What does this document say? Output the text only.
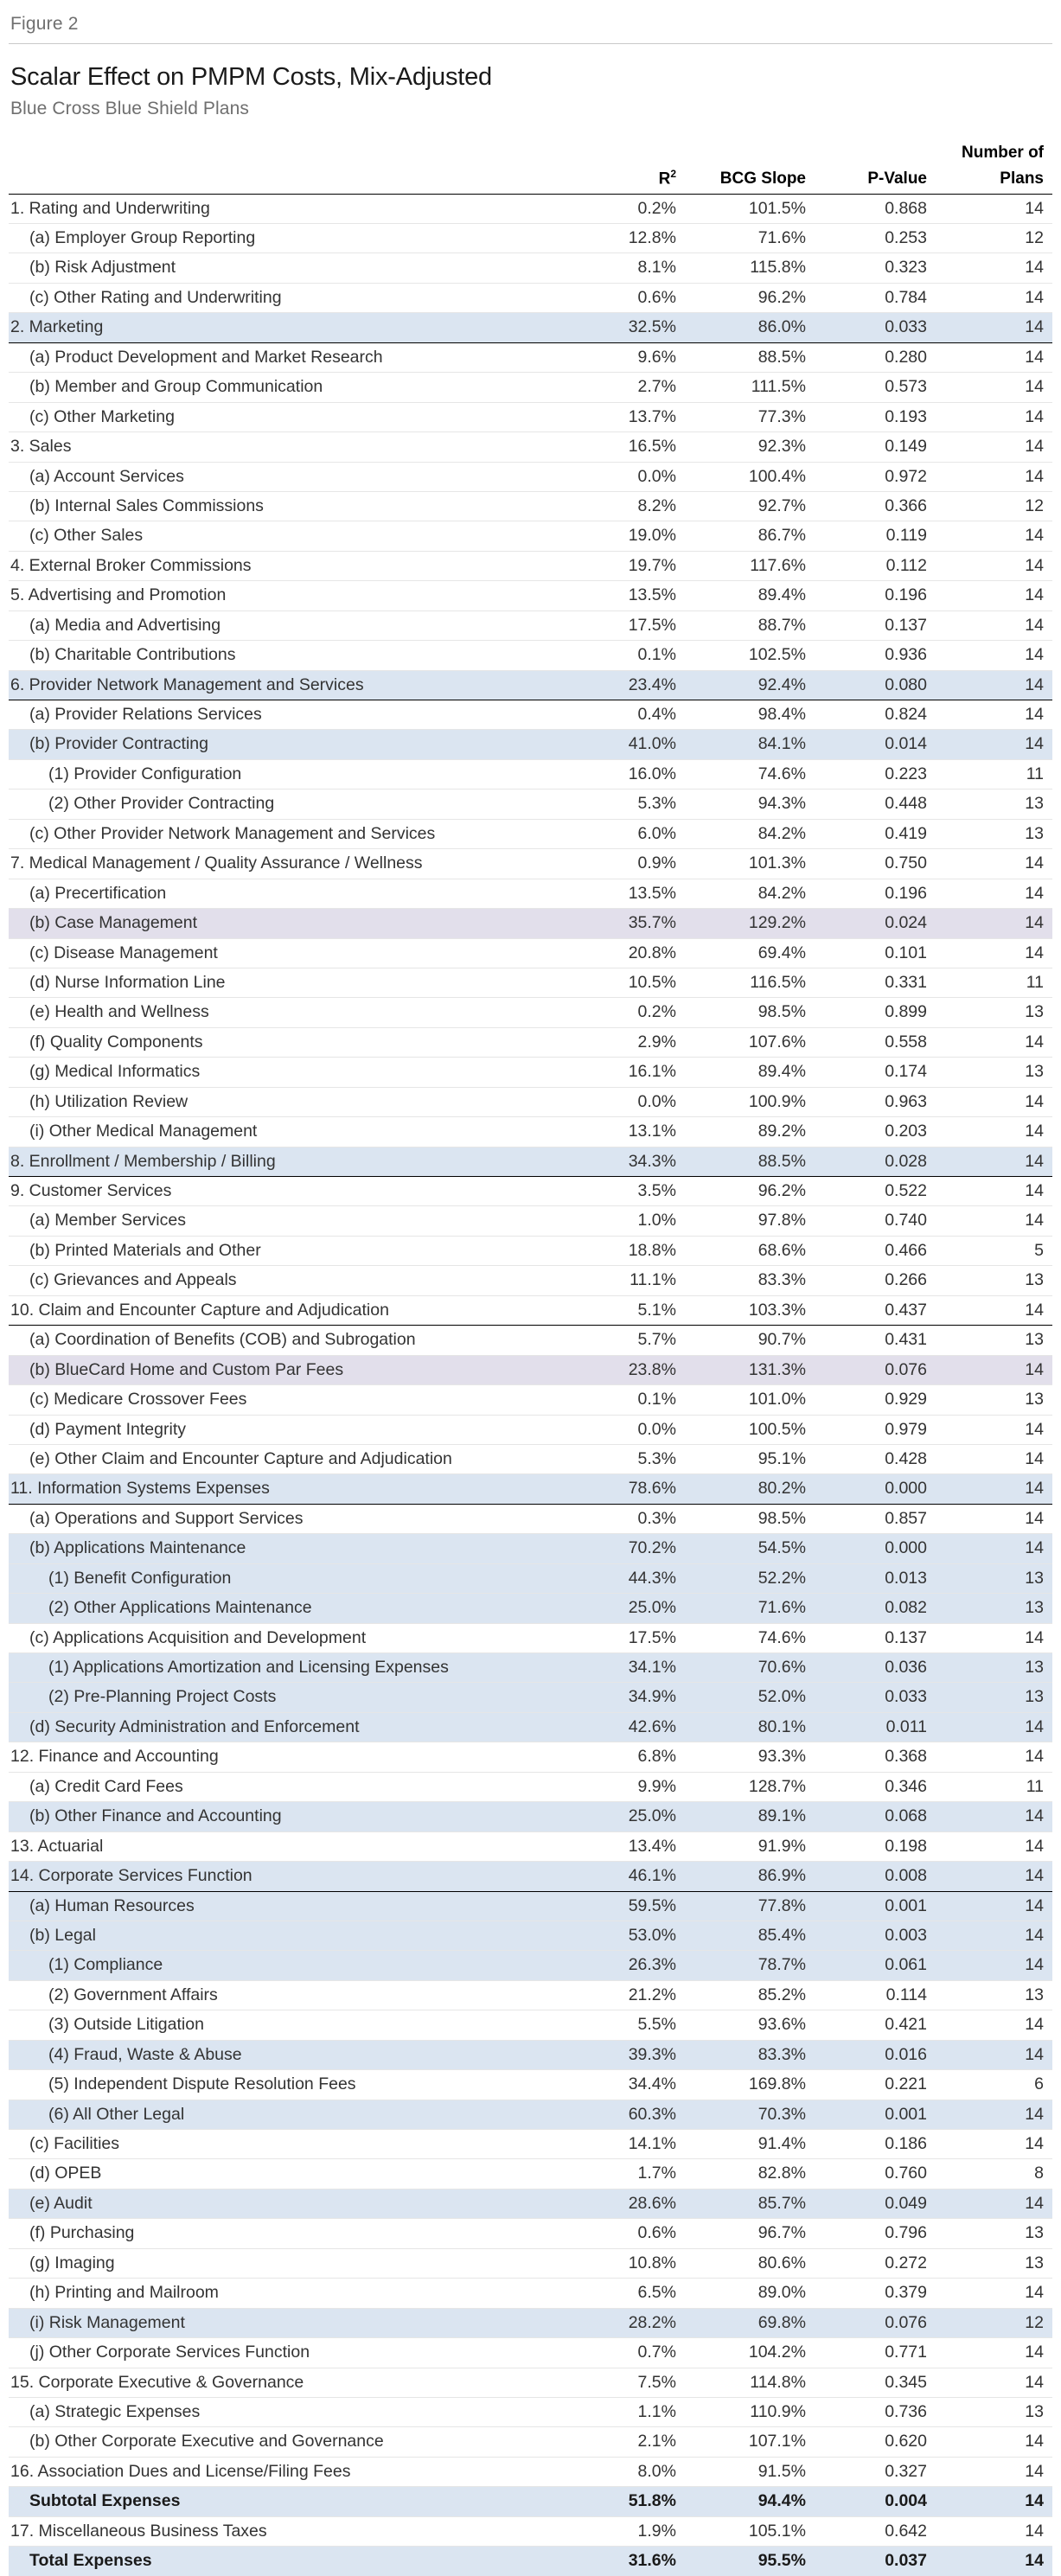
Figure 2
Scalar Effect on PMPM Costs, Mix-Adjusted
Blue Cross Blue Shield Plans

				Number of

	$R^2$	BCG Slope	P-Value	Plans
1. Rating and Underwriting	0.2%	101.5%	0.868	14
(a) Employer Group Reporting	12.8%	71.6%	0.253	12
(b) Risk Adjustment	8.1%	115.8%	0.323	14
(c) Other Rating and Underwriting	0.6%	96.2%	0.784	14
2. Marketing	32.5%	86.0%	0.033	14
(a) Product Development and Market Research	9.6%	88.5%	0.280	14
(b) Member and Group Communication	2.7%	111.5%	0.573	14
(c) Other Marketing	13.7%	77.3%	0.193	14
3. Sales	16.5%	92.3%	0.149	14
(a) Account Services	0.0%	100.4%	0.972	14
(b) Internal Sales Commissions	8.2%	92.7%	0.366	12
(c) Other Sales	19.0%	86.7%	0.119	14
4. External Broker Commissions	19.7%	117.6%	0.112	14
5. Advertising and Promotion	13.5%	89.4%	0.196	14
(a) Media and Advertising	17.5%	88.7%	0.137	14
(b) Charitable Contributions	0.1%	102.5%	0.936	14
6. Provider Network Management and Services	23.4%	92.4%	0.080	14
(a) Provider Relations Services	0.4%	98.4%	0.824	14
(b) Provider Contracting	41.0%	84.1%	0.014	14
(1) Provider Configuration	16.0%	74.6%	0.223	11
(2) Other Provider Contracting	5.3%	94.3%	0.448	13
(c) Other Provider Network Management and Services	6.0%	84.2%	0.419	13
7. Medical Management / Quality Assurance / Wellness	0.9%	101.3%	0.750	14
(a) Precertification	13.5%	84.2%	0.196	14
(b) Case Management	35.7%	129.2%	0.024	14
(c) Disease Management	20.8%	69.4%	0.101	14
(d) Nurse Information Line	10.5%	116.5%	0.331	11
(e) Health and Wellness	0.2%	98.5%	0.899	13
(f) Quality Components	2.9%	107.6%	0.558	14
(g) Medical Informatics	16.1%	89.4%	0.174	13
(h) Utilization Review	0.0%	100.9%	0.963	14
(i) Other Medical Management	13.1%	89.2%	0.203	14
8. Enrollment / Membership / Billing	34.3%	88.5%	0.028	14
9. Customer Services	3.5%	96.2%	0.522	14
(a) Member Services	1.0%	97.8%	0.740	14
(b) Printed Materials and Other	18.8%	68.6%	0.466	5
(c) Grievances and Appeals	11.1%	83.3%	0.266	13
10. Claim and Encounter Capture and Adjudication	5.1%	103.3%	0.437	14
(a) Coordination of Benefits (COB) and Subrogation	5.7%	90.7%	0.431	13
(b) BlueCard Home and Custom Par Fees	23.8%	131.3%	0.076	14
(c) Medicare Crossover Fees	0.1%	101.0%	0.929	13
(d) Payment Integrity	0.0%	100.5%	0.979	14
(e) Other Claim and Encounter Capture and Adjudication	5.3%	95.1%	0.428	14
11. Information Systems Expenses	78.6%	80.2%	0.000	14
(a) Operations and Support Services	0.3%	98.5%	0.857	14
(b) Applications Maintenance	70.2%	54.5%	0.000	14
(1) Benefit Configuration	44.3%	52.2%	0.013	13
(2) Other Applications Maintenance	25.0%	71.6%	0.082	13
(c) Applications Acquisition and Development	17.5%	74.6%	0.137	14
(1) Applications Amortization and Licensing Expenses	34.1%	70.6%	0.036	13
(2) Pre-Planning Project Costs	34.9%	52.0%	0.033	13
(d) Security Administration and Enforcement	42.6%	80.1%	0.011	14
12. Finance and Accounting	6.8%	93.3%	0.368	14
(a) Credit Card Fees	9.9%	128.7%	0.346	11
(b) Other Finance and Accounting	25.0%	89.1%	0.068	14
13. Actuarial	13.4%	91.9%	0.198	14
14. Corporate Services Function	46.1%	86.9%	0.008	14
(a) Human Resources	59.5%	77.8%	0.001	14
(b) Legal	53.0%	85.4%	0.003	14
(1) Compliance	26.3%	78.7%	0.061	14
(2) Government Affairs	21.2%	85.2%	0.114	13
(3) Outside Litigation	5.5%	93.6%	0.421	14
(4) Fraud, Waste & Abuse	39.3%	83.3%	0.016	14
(5) Independent Dispute Resolution Fees	34.4%	169.8%	0.221	6
(6) All Other Legal	60.3%	70.3%	0.001	14
(c) Facilities	14.1%	91.4%	0.186	14
(d) OPEB	1.7%	82.8%	0.760	8
(e) Audit	28.6%	85.7%	0.049	14
(f) Purchasing	0.6%	96.7%	0.796	13
(g) Imaging	10.8%	80.6%	0.272	13
(h) Printing and Mailroom	6.5%	89.0%	0.379	14
(i) Risk Management	28.2%	69.8%	0.076	12
(j) Other Corporate Services Function	0.7%	104.2%	0.771	14
15. Corporate Executive & Governance	7.5%	114.8%	0.345	14
(a) Strategic Expenses	1.1%	110.9%	0.736	13
(b) Other Corporate Executive and Governance	2.1%	107.1%	0.620	14
16. Association Dues and License/Filing Fees	8.0%	91.5%	0.327	14
Subtotal Expenses	51.8%	94.4%	0.004	14
17. Miscellaneous Business Taxes	1.9%	105.1%	0.642	14
Total Expenses	31.6%	95.5%	0.037	14
